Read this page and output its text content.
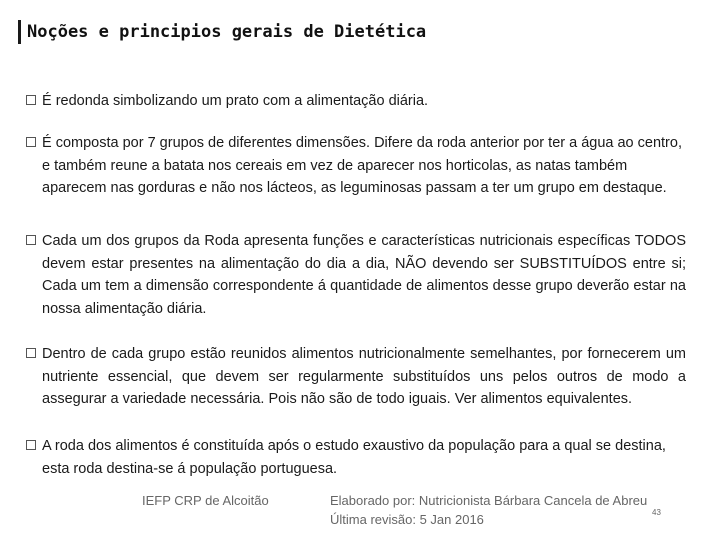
Noções e principios gerais de Dietética
É redonda simbolizando um prato com a alimentação diária.
É composta por 7 grupos de diferentes dimensões. Difere da roda anterior por ter a água ao centro, e também reune a batata nos cereais em vez de aparecer nos horticolas, as natas também aparecem nas gorduras e não nos lácteos, as leguminosas passam a ter um grupo em destaque.
Cada um dos grupos da Roda apresenta funções e características nutricionais específicas TODOS devem estar presentes na alimentação do dia a dia, NÃO devendo ser SUBSTITUÍDOS entre si; Cada um tem a dimensão correspondente á quantidade de alimentos desse grupo deverão estar na nossa alimentação diária.
Dentro de cada grupo estão reunidos alimentos nutricionalmente semelhantes, por fornecerem um nutriente essencial, que devem ser regularmente substituídos uns pelos outros de modo a assegurar a variedade necessária. Pois não são de todo iguais. Ver alimentos equivalentes.
A roda dos alimentos é constituída após o estudo exaustivo da população para a qual se destina, esta roda destina-se á população portuguesa.
IEFP CRP de Alcoitão	Elaborado por: Nutricionista Bárbara Cancela de Abreu
Última revisão: 5 Jan 2016	43
